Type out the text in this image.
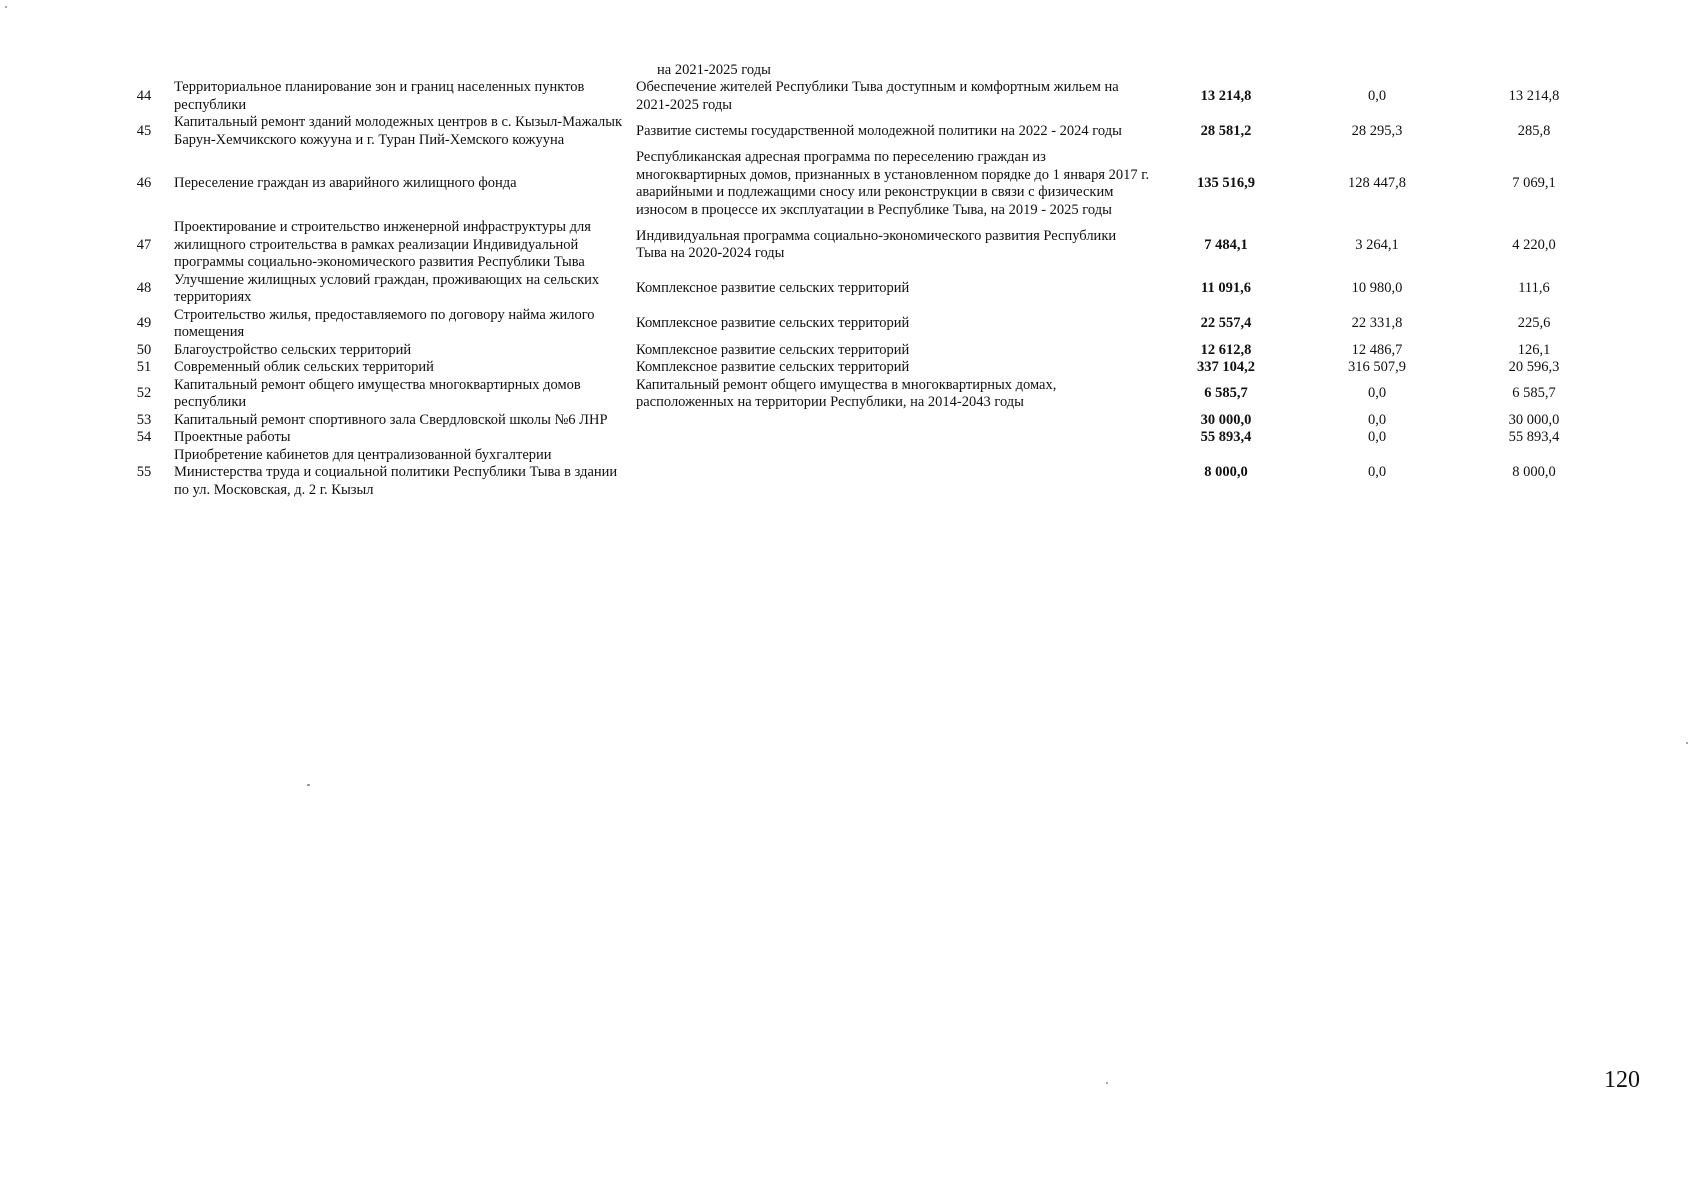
на 2021-2025 годы
44	Территориальное планирование зон и границ населенных пунктов республики	Обеспечение жителей Республики Тыва доступным и комфортным жильем на 2021-2025 годы	13 214,8	0,0	13 214,8
45	Капитальный ремонт зданий молодежных центров в с. Кызыл-Мажалык Барун-Хемчикского кожууна и г. Туран Пий-Хемского кожууна	Развитие системы государственной молодежной политики на 2022 - 2024 годы	28 581,2	28 295,3	285,8
46	Переселение граждан из аварийного жилищного фонда	Республиканская адресная программа по переселению граждан из многоквартирных домов, признанных в установленном порядке до 1 января 2017 г. аварийными и подлежащими сносу или реконструкции в связи с физическим износом в процессе их эксплуатации в Республике Тыва, на 2019 - 2025 годы	135 516,9	128 447,8	7 069,1
47	Проектирование и строительство инженерной инфраструктуры для жилищного строительства в рамках реализации Индивидуальной программы социально-экономического развития Республики Тыва	Индивидуальная программа социально-экономического развития Республики Тыва на 2020-2024 годы	7 484,1	3 264,1	4 220,0
48	Улучшение жилищных условий граждан, проживающих на сельских территориях	Комплексное развитие сельских территорий	11 091,6	10 980,0	111,6
49	Строительство жилья, предоставляемого по договору найма жилого помещения	Комплексное развитие сельских территорий	22 557,4	22 331,8	225,6
50	Благоустройство сельских территорий	Комплексное развитие сельских территорий	12 612,8	12 486,7	126,1
51	Современный облик сельских территорий	Комплексное развитие сельских территорий	337 104,2	316 507,9	20 596,3
52	Капитальный ремонт общего имущества многоквартирных домов республики	Капитальный ремонт общего имущества в многоквартирных домах, расположенных на территории Республики, на 2014-2043 годы	6 585,7	0,0	6 585,7
53	Капитальный ремонт спортивного зала Свердловской школы №6 ЛНР		30 000,0	0,0	30 000,0
54	Проектные работы		55 893,4	0,0	55 893,4
55	Приобретение кабинетов для централизованной бухгалтерии Министерства труда и социальной политики Республики Тыва в здании по ул. Московская, д. 2 г. Кызыл		8 000,0	0,0	8 000,0
120
